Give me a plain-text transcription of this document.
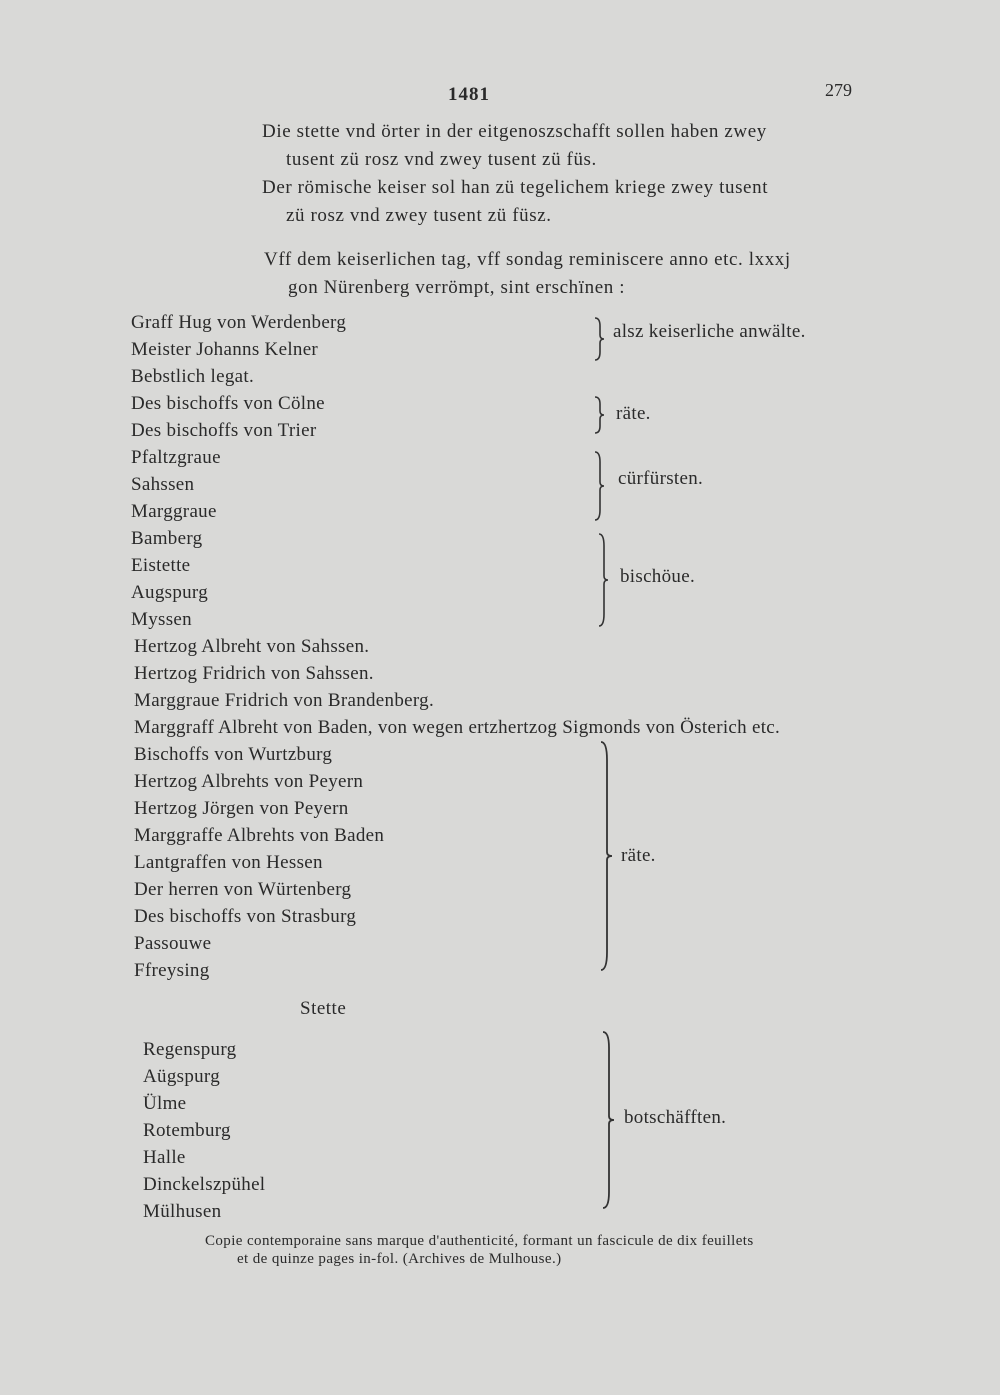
1481	279
Die stette vnd örter in der eitgenoszschafft sollen haben zwey
tusent zü rosz vnd zwey tusent zü füs.
Der römische keiser sol han zü tegelichem kriege zwey tusent
zü rosz vnd zwey tusent zü füsz.
Vff dem keiserlichen tag, vff sondag reminiscere anno etc. lxxxj
gon Nürenberg verrömpt, sint erschïnen :
Graff Hug von Werdenberg
Meister Johanns Kelner
Bebstlich legat.
Des bischoffs von Cölne
Des bischoffs von Trier
Pfaltzgraue
Sahssen
Marggraue
Bamberg
Eistette
Augspurg
Myssen
Hertzog Albreht von Sahssen.
Hertzog Fridrich von Sahssen.
Marggraue Fridrich von Brandenberg.
Marggraff Albreht von Baden, von wegen ertzhertzog Sigmonds von Österich etc.
Bischoffs von Wurtzburg
Hertzog Albrehts von Peyern
Hertzog Jörgen von Peyern
Marggraffe Albrehts von Baden
Lantgraffen von Hessen
Der herren von Würtenberg
Des bischoffs von Strasburg
Passouwe
Ffreysing
alsz keiserliche anwälte.
räte.
cürfürsten.
bischöue.
räte.
Stette
Regenspurg
Aügspurg
Ülme
Rotemburg
Halle
Dinckelszpühel
Mülhusen
botschäfften.
Copie contemporaine sans marque d'authenticité, formant un fascicule de dix feuillets
et de quinze pages in-fol. (Archives de Mulhouse.)
